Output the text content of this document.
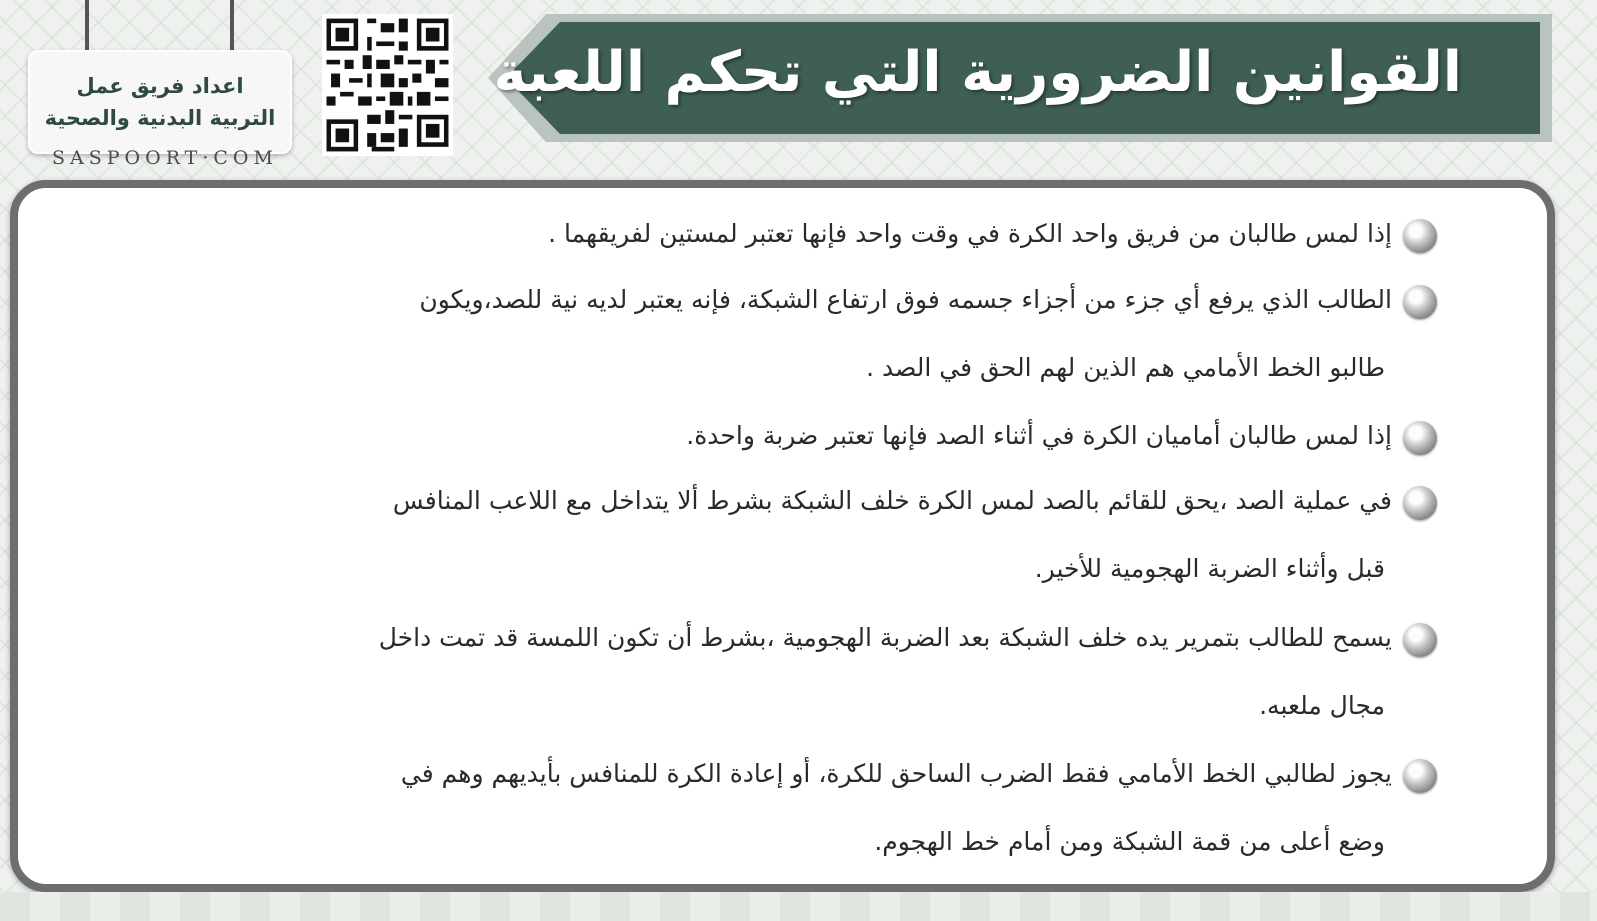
اعداد فريق عمل
التربية البدنية والصحية
SASPOORT·COM
القوانين الضرورية التي تحكم اللعبة
إذا لمس طالبان من فريق واحد الكرة في وقت واحد فإنها تعتبر لمستين لفريقهما .
الطالب الذي يرفع أي جزء من أجزاء جسمه فوق ارتفاع الشبكة، فإنه يعتبر لديه نية للصد،ويكون
طالبو الخط الأمامي هم الذين لهم الحق في الصد .
إذا لمس طالبان أماميان الكرة في أثناء الصد فإنها تعتبر ضربة واحدة.
في عملية الصد ،يحق للقائم بالصد لمس الكرة خلف الشبكة بشرط ألا يتداخل مع اللاعب المنافس
قبل وأثناء الضربة الهجومية للأخير.
يسمح للطالب بتمرير يده خلف الشبكة بعد الضربة الهجومية ،بشرط أن تكون اللمسة قد تمت داخل
مجال ملعبه.
يجوز لطالبي الخط الأمامي فقط الضرب الساحق للكرة، أو إعادة الكرة للمنافس بأيديهم وهم في
وضع أعلى من قمة الشبكة ومن أمام خط الهجوم.
